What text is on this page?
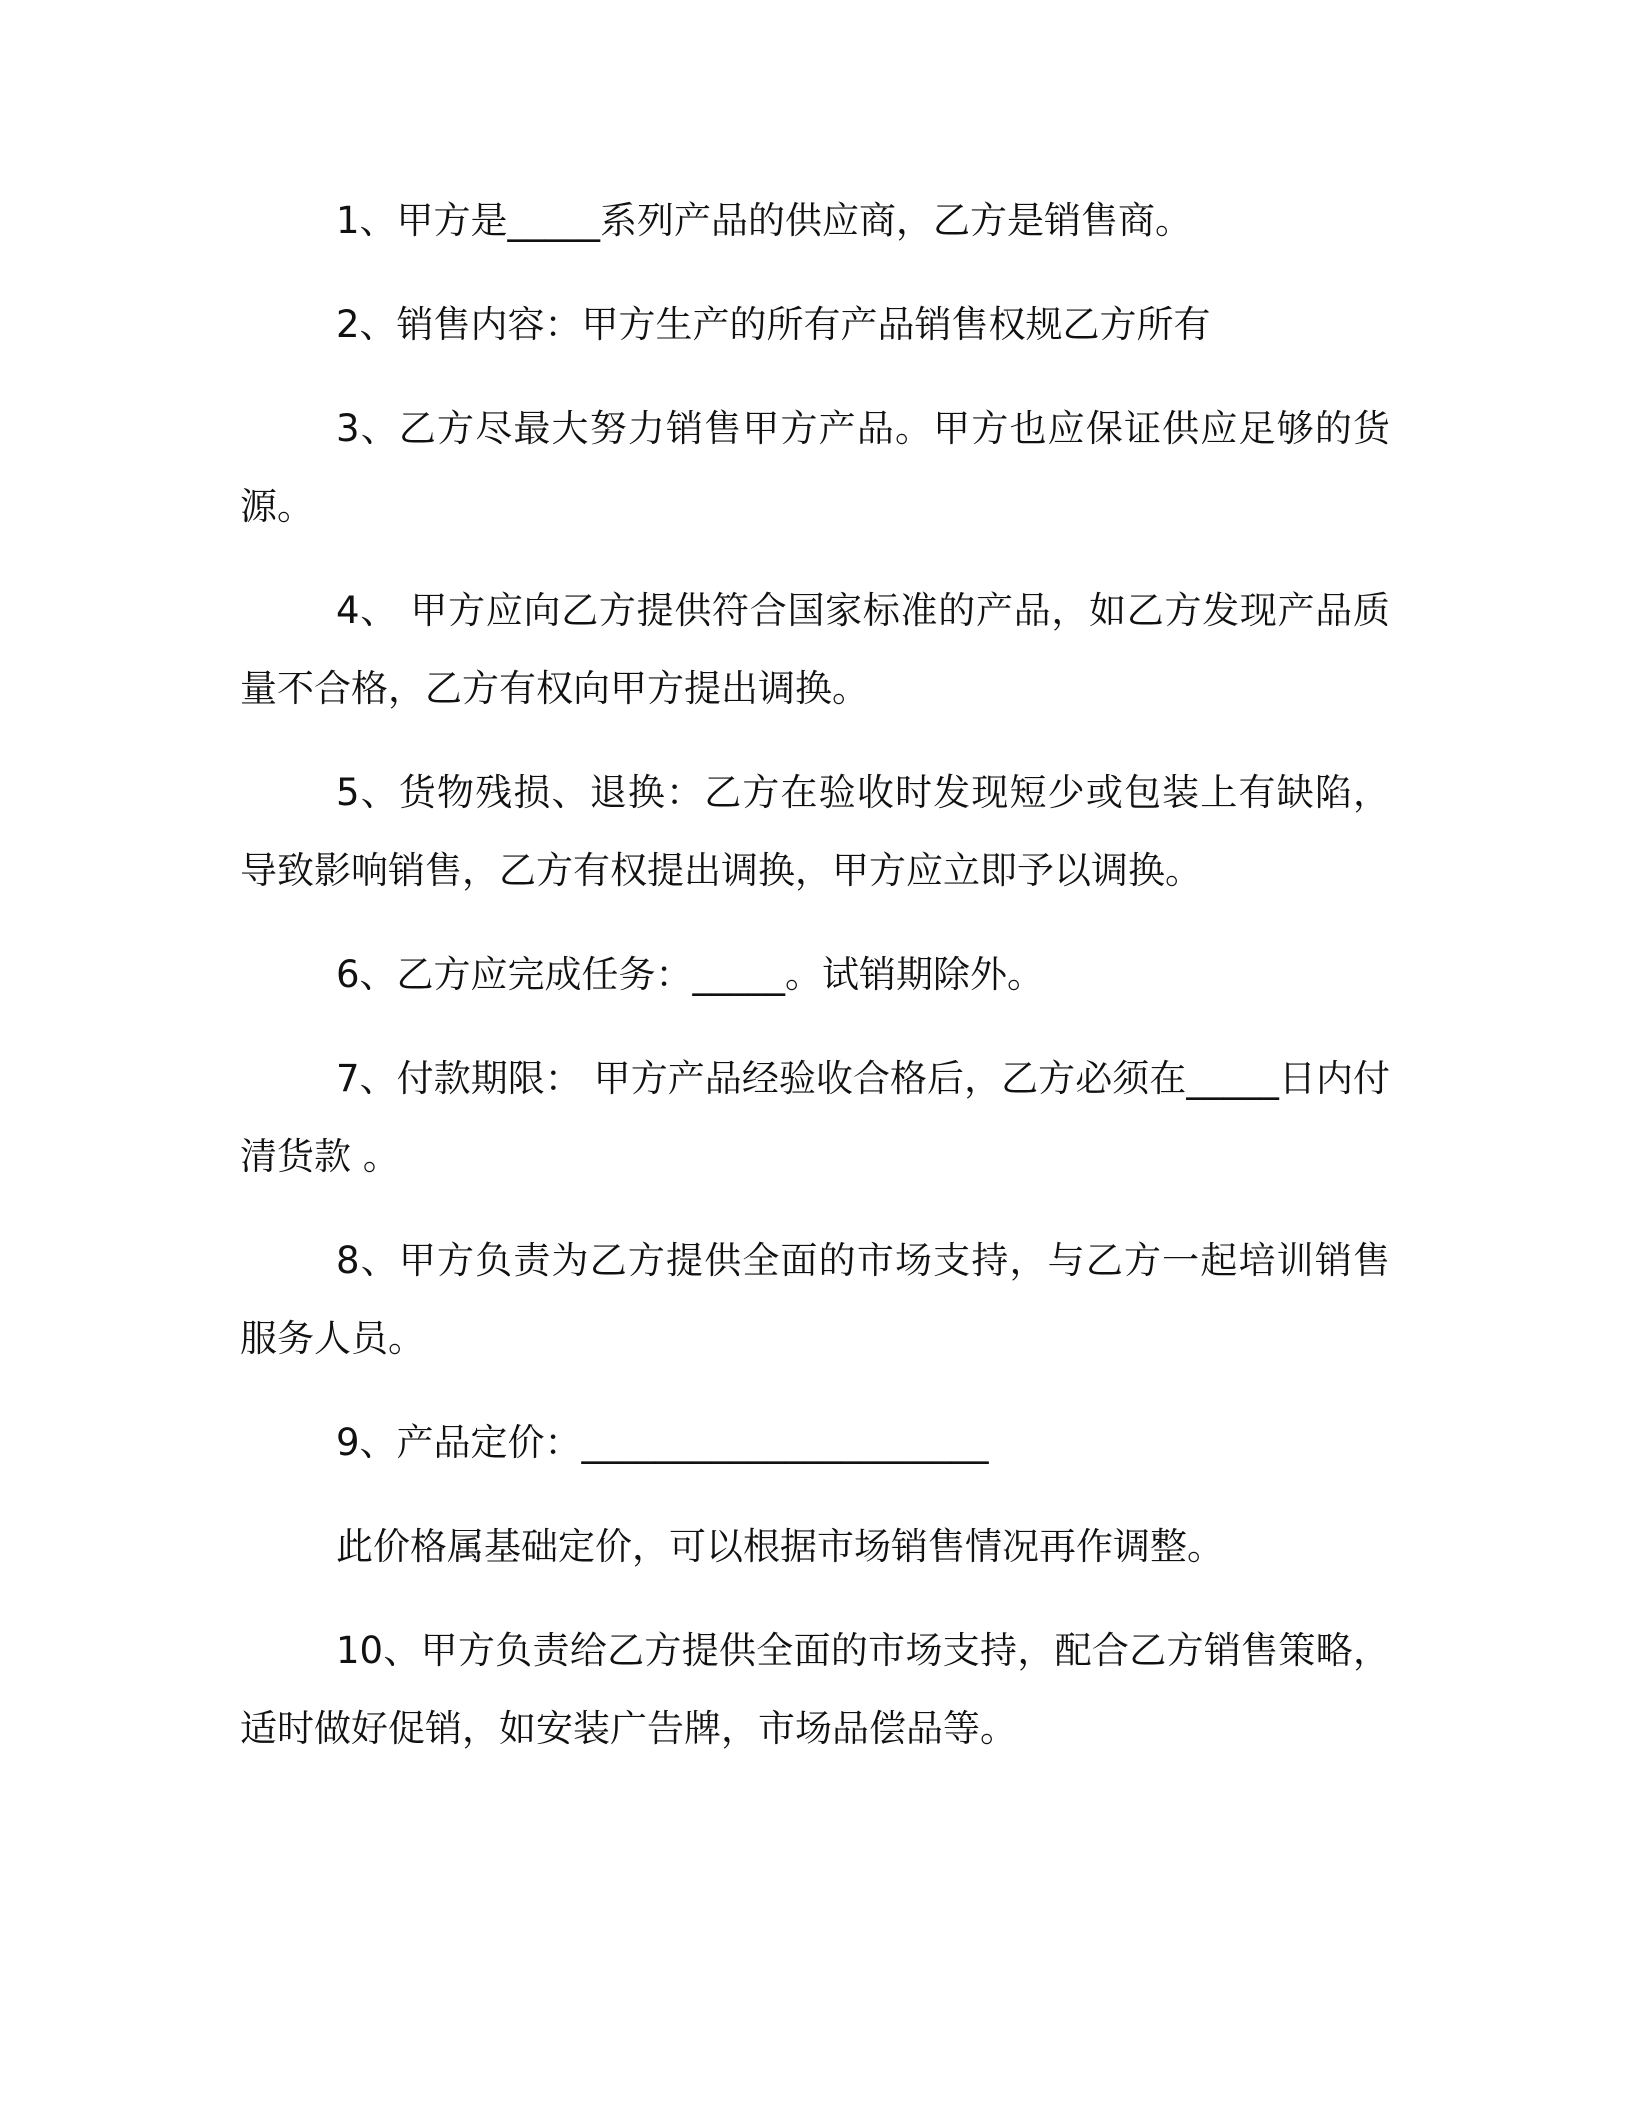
1、甲方是_____系列产品的供应商，乙方是销售商。

2、销售内容：甲方生产的所有产品销售权规乙方所有

3、乙方尽最大努力销售甲方产品。甲方也应保证供应足够的货源。

4、 甲方应向乙方提供符合国家标准的产品，如乙方发现产品质量不合格，乙方有权向甲方提出调换。

5、货物残损、退换：乙方在验收时发现短少或包装上有缺陷，导致影响销售，乙方有权提出调换，甲方应立即予以调换。

6、乙方应完成任务：_____。试销期除外。

7、付款期限： 甲方产品经验收合格后，乙方必须在_____日内付清货款 。

8、甲方负责为乙方提供全面的市场支持，与乙方一起培训销售服务人员。

9、产品定价：______________________

此价格属基础定价，可以根据市场销售情况再作调整。

10、甲方负责给乙方提供全面的市场支持，配合乙方销售策略，适时做好促销，如安装广告牌，市场品偿品等。
